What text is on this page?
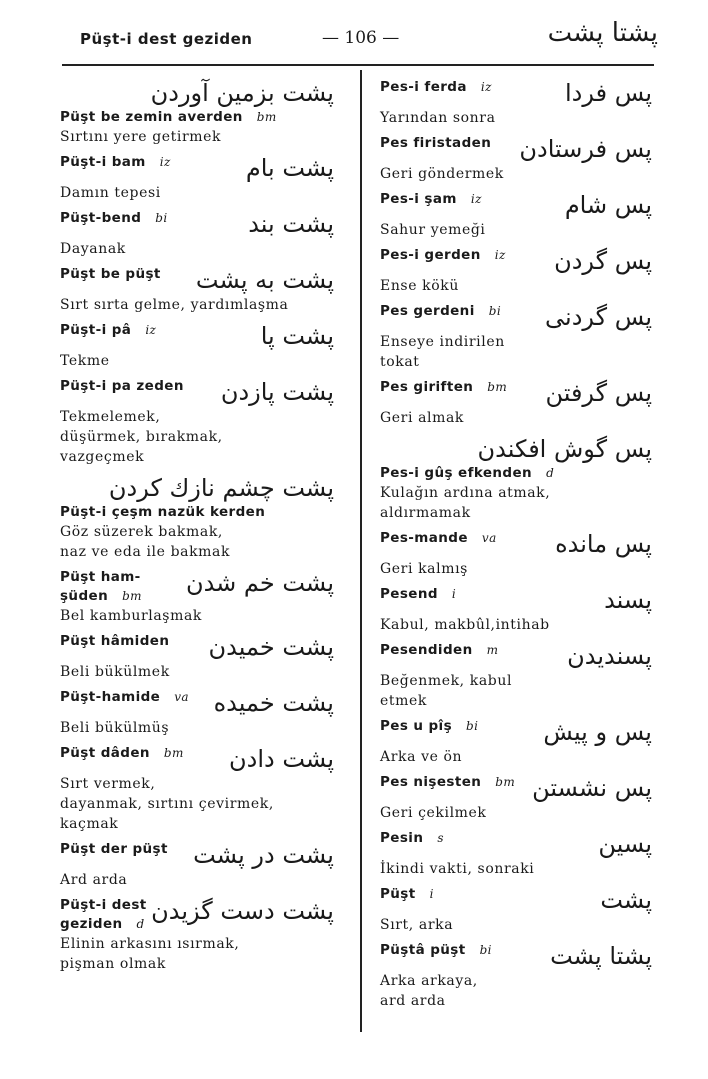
Püşt-i dest geziden	— 106 —	پشتا پشت
پشت بزمين آوردن
Püşt be zemin averden bm
Sırtını yere getirmek
Püşt-i bam iz	پشت بام
Damın tepesi
Püşt-bend bi	پشت بند
Dayanak
Püşt be püşt	پشت به پشت
Sırt sırta gelme, yardımlaşma
Püşt-i pâ iz	پشت پا
Tekme
Püşt-i pa zeden	پشت پازدن
Tekmelemek,
düşürmek, bırakmak,
vazgeçmek
پشت چشم نازك كردن
Püşt-i çeşm nazük kerden
Göz süzerek bakmak,
naz ve eda ile bakmak
Püşt ham-
şüden bm	پشت خم شدن
Bel kamburlaşmak
Püşt hâmiden	پشت خميدن
Beli bükülmek
Püşt-hamide va	پشت خميده
Beli bükülmüş
Püşt dâden bm	پشت دادن
Sırt vermek,
dayanmak, sırtını çevirmek,
kaçmak
Püşt der püşt	پشت در پشت
Ard arda
Püşt-i dest
geziden d پشت دست گزيدن
Elinin arkasını ısırmak,
pişman olmak
Pes-i ferda iz	پس فردا
Yarından sonra
Pes firistaden	پس فرستادن
Geri göndermek
Pes-i şam iz	پس شام
Sahur yemeği
Pes-i gerden iz	پس گردن
Ense kökü
Pes gerdeni bi	پس گردنى
Enseye indirilen
tokat
Pes giriften bm	پس گرفتن
Geri almak
پس گوش افكندن
Pes-i gûş efkenden d
Kulağın ardına atmak,
aldırmamak
Pes-mande va	پس مانده
Geri kalmış
Pesend i	پسند
Kabul, makbûl,intihab
Pesendiden m	پسنديدن
Beğenmek, kabul
etmek
Pes u pîş bi	پس و پيش
Arka ve ön
Pes nişesten bm پس نشستن
Geri çekilmek
Pesin s	پسين
İkindi vakti, sonraki
Püşt i	پشت
Sırt, arka
Püştâ püşt bi	پشتا پشت
Arka arkaya,
ard arda
